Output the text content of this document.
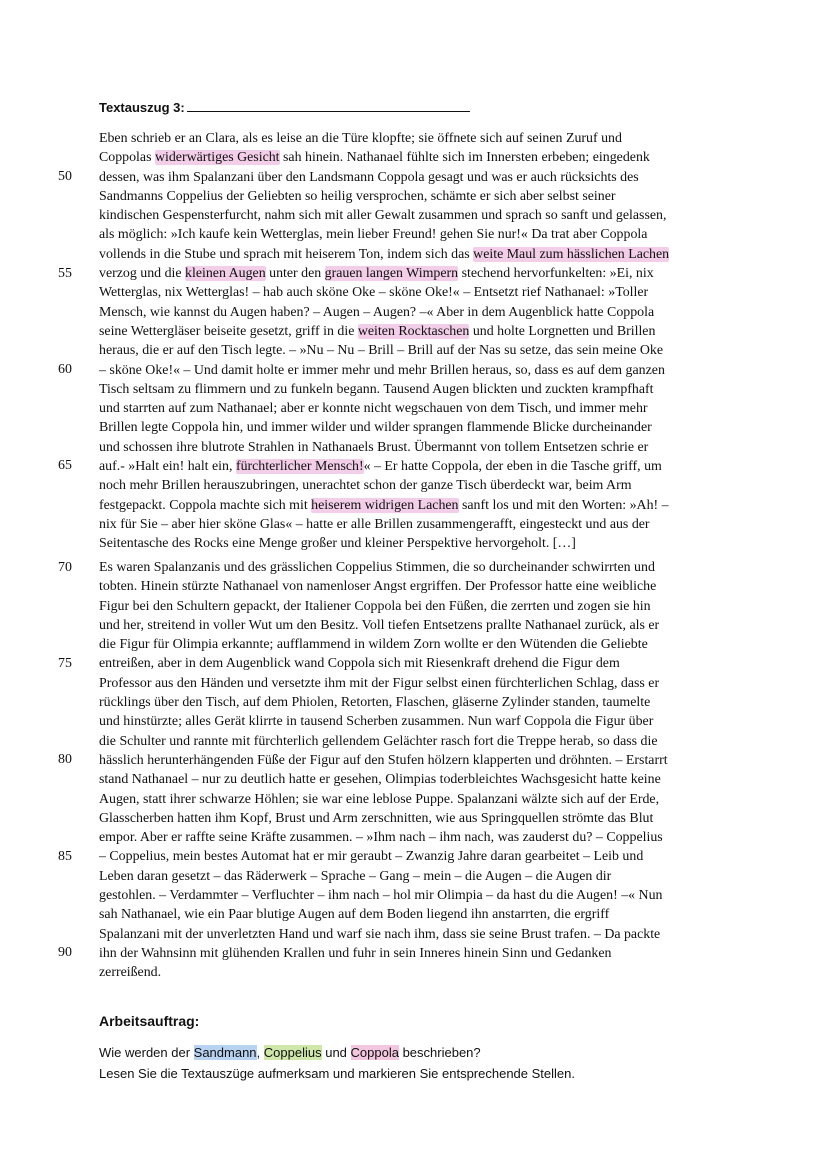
Textauszug 3:
Eben schrieb er an Clara, als es leise an die Türe klopfte; sie öffnete sich auf seinen Zuruf und
Coppolas widerwärtiges Gesicht sah hinein. Nathanael fühlte sich im Innersten erbeben; eingedenk
dessen, was ihm Spalanzani über den Landsmann Coppola gesagt und was er auch rücksichts des
Sandmanns Coppelius der Geliebten so heilig versprochen, schämte er sich aber selbst seiner
kindischen Gespensterfurcht, nahm sich mit aller Gewalt zusammen und sprach so sanft und gelassen,
als möglich: »Ich kaufe kein Wetterglas, mein lieber Freund! gehen Sie nur!« Da trat aber Coppola
vollends in die Stube und sprach mit heiserem Ton, indem sich das weite Maul zum hässlichen Lachen
verzog und die kleinen Augen unter den grauen langen Wimpern stechend hervorfunkelten: »Ei, nix
Wetterglas, nix Wetterglas! – hab auch sköne Oke – sköne Oke!« – Entsetzt rief Nathanael: »Toller
Mensch, wie kannst du Augen haben? – Augen – Augen? –« Aber in dem Augenblick hatte Coppola
seine Wettergläser beiseite gesetzt, griff in die weiten Rocktaschen und holte Lorgnetten und Brillen
heraus, die er auf den Tisch legte. – »Nu – Nu – Brill – Brill auf der Nas su setze, das sein meine Oke
– sköne Oke!« – Und damit holte er immer mehr und mehr Brillen heraus, so, dass es auf dem ganzen
Tisch seltsam zu flimmern und zu funkeln begann. Tausend Augen blickten und zuckten krampfhaft
und starrten auf zum Nathanael; aber er konnte nicht wegschauen von dem Tisch, und immer mehr
Brillen legte Coppola hin, und immer wilder und wilder sprangen flammende Blicke durcheinander
und schossen ihre blutrote Strahlen in Nathanaels Brust. Übermannt von tollem Entsetzen schrie er
auf.- »Halt ein! halt ein, fürchterlicher Mensch!« – Er hatte Coppola, der eben in die Tasche griff, um
noch mehr Brillen herauszubringen, unerachtet schon der ganze Tisch überdeckt war, beim Arm
festgepackt. Coppola machte sich mit heiserem widrigen Lachen sanft los und mit den Worten: »Ah! –
nix für Sie – aber hier sköne Glas« – hatte er alle Brillen zusammengerafft, eingesteckt und aus der
Seitentasche des Rocks eine Menge großer und kleiner Perspektive hervorgeholt. […]
Es waren Spalanzanis und des grässlichen Coppelius Stimmen, die so durcheinander schwirrten und
tobten. Hinein stürzte Nathanael von namenloser Angst ergriffen. Der Professor hatte eine weibliche
Figur bei den Schultern gepackt, der Italiener Coppola bei den Füßen, die zerrten und zogen sie hin
und her, streitend in voller Wut um den Besitz. Voll tiefen Entsetzens prallte Nathanael zurück, als er
die Figur für Olimpia erkannte; aufflammend in wildem Zorn wollte er den Wütenden die Geliebte
entreißen, aber in dem Augenblick wand Coppola sich mit Riesenkraft drehend die Figur dem
Professor aus den Händen und versetzte ihm mit der Figur selbst einen fürchterlichen Schlag, dass er
rücklings über den Tisch, auf dem Phiolen, Retorten, Flaschen, gläserne Zylinder standen, taumelte
und hinstürzte; alles Gerät klirrte in tausend Scherben zusammen. Nun warf Coppola die Figur über
die Schulter und rannte mit fürchterlich gellendem Gelächter rasch fort die Treppe herab, so dass die
hässlich herunterhängenden Füße der Figur auf den Stufen hölzern klapperten und dröhnten. – Erstarrt
stand Nathanael – nur zu deutlich hatte er gesehen, Olimpias toderbleichtes Wachsgesicht hatte keine
Augen, statt ihrer schwarze Höhlen; sie war eine leblose Puppe. Spalanzani wälzte sich auf der Erde,
Glasscherben hatten ihm Kopf, Brust und Arm zerschnitten, wie aus Springquellen strömte das Blut
empor. Aber er raffte seine Kräfte zusammen. – »Ihm nach – ihm nach, was zauderst du? – Coppelius
– Coppelius, mein bestes Automat hat er mir geraubt – Zwanzig Jahre daran gearbeitet – Leib und
Leben daran gesetzt – das Räderwerk – Sprache – Gang – mein – die Augen – die Augen dir
gestohlen. – Verdammter – Verfluchter – ihm nach – hol mir Olimpia – da hast du die Augen! –« Nun
sah Nathanael, wie ein Paar blutige Augen auf dem Boden liegend ihn anstarrten, die ergriff
Spalanzani mit der unverletzten Hand und warf sie nach ihm, dass sie seine Brust trafen. – Da packte
ihn der Wahnsinn mit glühenden Krallen und fuhr in sein Inneres hinein Sinn und Gedanken
zerreißend.
50
55
60
65
70
75
80
85
90
Arbeitsauftrag:
Wie werden der Sandmann, Coppelius und Coppola beschrieben?
Lesen Sie die Textauszüge aufmerksam und markieren Sie entsprechende Stellen.
